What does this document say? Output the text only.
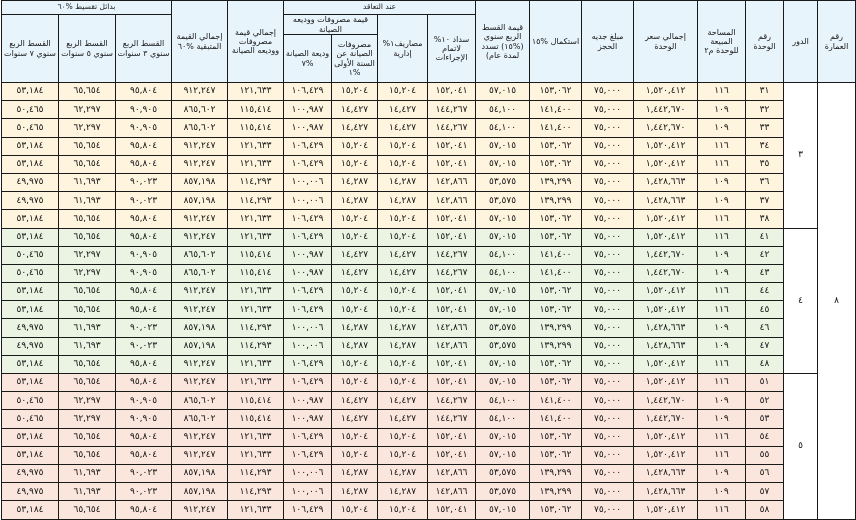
رقم العمارة	الدور	رقم الوحدة	المساحة المبيعة للوحدة م٢	إجمالي سعر الوحدة	مبلغ جديه الحجز	استكمال %١٥	قيمة القسط الربع سنوي (%١٥) تسدد لمدة عام)	عند التعاقد				إجمالي قيمة مصروفات ووديعه الصيانة	إجمالي القيمة المتبقية %٦٠	بدائل تقسيط %٦٠		
								سداد ١٠% لاتمام الإجراءات	مصاريف١% إدارية	قيمة مصروفات ووديعه الصيانة				القسط الربع سنوي ٣ سنوات	القسط الربع سنوي ٥ سنوات	القسط الربع سنوي ٧ سنوات
										مصروفات الصيانة عن السنة الأولى %١	وديعة الصيانة %٧					
٨	٣	٣١	١١٦	١,٥٢٠,٤١٢	٧٥,٠٠٠	١٥٣,٠٦٢	٥٧,٠١٥	١٥٢,٠٤١	١٥,٢٠٤	١٥,٢٠٤	١٠٦,٤٢٩	١٢١,٦٣٣	٩١٢,٢٤٧	٩٥,٨٠٤	٦٥,٦٥٤	٥٣,١٨٤
		٣٢	١٠٩	١,٤٤٢,٦٧٠	٧٥,٠٠٠	١٤١,٤٠٠	٥٤,١٠٠	١٤٤,٢٦٧	١٤,٤٢٧	١٤,٤٢٧	١٠٠,٩٨٧	١١٥,٤١٤	٨٦٥,٦٠٢	٩٠,٩٠٥	٦٢,٢٩٧	٥٠,٤٦٥
		٣٣	١٠٩	١,٤٤٢,٦٧٠	٧٥,٠٠٠	١٤١,٤٠٠	٥٤,١٠٠	١٤٤,٢٦٧	١٤,٤٢٧	١٤,٤٢٧	١٠٠,٩٨٧	١١٥,٤١٤	٨٦٥,٦٠٢	٩٠,٩٠٥	٦٢,٢٩٧	٥٠,٤٦٥
		٣٤	١١٦	١,٥٢٠,٤١٢	٧٥,٠٠٠	١٥٣,٠٦٢	٥٧,٠١٥	١٥٢,٠٤١	١٥,٢٠٤	١٥,٢٠٤	١٠٦,٤٢٩	١٢١,٦٣٣	٩١٢,٢٤٧	٩٥,٨٠٤	٦٥,٦٥٤	٥٣,١٨٤
		٣٥	١١٦	١,٥٢٠,٤١٢	٧٥,٠٠٠	١٥٣,٠٦٢	٥٧,٠١٥	١٥٢,٠٤١	١٥,٢٠٤	١٥,٢٠٤	١٠٦,٤٢٩	١٢١,٦٣٣	٩١٢,٢٤٧	٩٥,٨٠٤	٦٥,٦٥٤	٥٣,١٨٤
		٣٦	١٠٩	١,٤٢٨,٦٦٣	٧٥,٠٠٠	١٣٩,٢٩٩	٥٣,٥٧٥	١٤٢,٨٦٦	١٤,٢٨٧	١٤,٢٨٧	١٠٠,٠٠٦	١١٤,٢٩٣	٨٥٧,١٩٨	٩٠,٠٢٣	٦١,٦٩٣	٤٩,٩٧٥
		٣٧	١٠٩	١,٤٢٨,٦٦٣	٧٥,٠٠٠	١٣٩,٢٩٩	٥٣,٥٧٥	١٤٢,٨٦٦	١٤,٢٨٧	١٤,٢٨٧	١٠٠,٠٠٦	١١٤,٢٩٣	٨٥٧,١٩٨	٩٠,٠٢٣	٦١,٦٩٣	٤٩,٩٧٥
		٣٨	١١٦	١,٥٢٠,٤١٢	٧٥,٠٠٠	١٥٣,٠٦٢	٥٧,٠١٥	١٥٢,٠٤١	١٥,٢٠٤	١٥,٢٠٤	١٠٦,٤٢٩	١٢١,٦٣٣	٩١٢,٢٤٧	٩٥,٨٠٤	٦٥,٦٥٤	٥٣,١٨٤
	٤	٤١	١١٦	١,٥٢٠,٤١٢	٧٥,٠٠٠	١٥٣,٠٦٢	٥٧,٠١٥	١٥٢,٠٤١	١٥,٢٠٤	١٥,٢٠٤	١٠٦,٤٢٩	١٢١,٦٣٣	٩١٢,٢٤٧	٩٥,٨٠٤	٦٥,٦٥٤	٥٣,١٨٤
		٤٢	١٠٩	١,٤٤٢,٦٧٠	٧٥,٠٠٠	١٤١,٤٠٠	٥٤,١٠٠	١٤٤,٢٦٧	١٤,٤٢٧	١٤,٤٢٧	١٠٠,٩٨٧	١١٥,٤١٤	٨٦٥,٦٠٢	٩٠,٩٠٥	٦٢,٢٩٧	٥٠,٤٦٥
		٤٣	١٠٩	١,٤٤٢,٦٧٠	٧٥,٠٠٠	١٤١,٤٠٠	٥٤,١٠٠	١٤٤,٢٦٧	١٤,٤٢٧	١٤,٤٢٧	١٠٠,٩٨٧	١١٥,٤١٤	٨٦٥,٦٠٢	٩٠,٩٠٥	٦٢,٢٩٧	٥٠,٤٦٥
		٤٤	١١٦	١,٥٢٠,٤١٢	٧٥,٠٠٠	١٥٣,٠٦٢	٥٧,٠١٥	١٥٢,٠٤١	١٥,٢٠٤	١٥,٢٠٤	١٠٦,٤٢٩	١٢١,٦٣٣	٩١٢,٢٤٧	٩٥,٨٠٤	٦٥,٦٥٤	٥٣,١٨٤
		٤٥	١١٦	١,٥٢٠,٤١٢	٧٥,٠٠٠	١٥٣,٠٦٢	٥٧,٠١٥	١٥٢,٠٤١	١٥,٢٠٤	١٥,٢٠٤	١٠٦,٤٢٩	١٢١,٦٣٣	٩١٢,٢٤٧	٩٥,٨٠٤	٦٥,٦٥٤	٥٣,١٨٤
		٤٦	١٠٩	١,٤٢٨,٦٦٣	٧٥,٠٠٠	١٣٩,٢٩٩	٥٣,٥٧٥	١٤٢,٨٦٦	١٤,٢٨٧	١٤,٢٨٧	١٠٠,٠٠٦	١١٤,٢٩٣	٨٥٧,١٩٨	٩٠,٠٢٣	٦١,٦٩٣	٤٩,٩٧٥
		٤٧	١٠٩	١,٤٢٨,٦٦٣	٧٥,٠٠٠	١٣٩,٢٩٩	٥٣,٥٧٥	١٤٢,٨٦٦	١٤,٢٨٧	١٤,٢٨٧	١٠٠,٠٠٦	١١٤,٢٩٣	٨٥٧,١٩٨	٩٠,٠٢٣	٦١,٦٩٣	٤٩,٩٧٥
		٤٨	١١٦	١,٥٢٠,٤١٢	٧٥,٠٠٠	١٥٣,٠٦٢	٥٧,٠١٥	١٥٢,٠٤١	١٥,٢٠٤	١٥,٢٠٤	١٠٦,٤٢٩	١٢١,٦٣٣	٩١٢,٢٤٧	٩٥,٨٠٤	٦٥,٦٥٤	٥٣,١٨٤
	٥	٥١	١١٦	١,٥٢٠,٤١٢	٧٥,٠٠٠	١٥٣,٠٦٢	٥٧,٠١٥	١٥٢,٠٤١	١٥,٢٠٤	١٥,٢٠٤	١٠٦,٤٢٩	١٢١,٦٣٣	٩١٢,٢٤٧	٩٥,٨٠٤	٦٥,٦٥٤	٥٣,١٨٤
		٥٢	١٠٩	١,٤٤٢,٦٧٠	٧٥,٠٠٠	١٤١,٤٠٠	٥٤,١٠٠	١٤٤,٢٦٧	١٤,٤٢٧	١٤,٤٢٧	١٠٠,٩٨٧	١١٥,٤١٤	٨٦٥,٦٠٢	٩٠,٩٠٥	٦٢,٢٩٧	٥٠,٤٦٥
		٥٣	١٠٩	١,٤٤٢,٦٧٠	٧٥,٠٠٠	١٤١,٤٠٠	٥٤,١٠٠	١٤٤,٢٦٧	١٤,٤٢٧	١٤,٤٢٧	١٠٠,٩٨٧	١١٥,٤١٤	٨٦٥,٦٠٢	٩٠,٩٠٥	٦٢,٢٩٧	٥٠,٤٦٥
		٥٤	١١٦	١,٥٢٠,٤١٢	٧٥,٠٠٠	١٥٣,٠٦٢	٥٧,٠١٥	١٥٢,٠٤١	١٥,٢٠٤	١٥,٢٠٤	١٠٦,٤٢٩	١٢١,٦٣٣	٩١٢,٢٤٧	٩٥,٨٠٤	٦٥,٦٥٤	٥٣,١٨٤
		٥٥	١١٦	١,٥٢٠,٤١٢	٧٥,٠٠٠	١٥٣,٠٦٢	٥٧,٠١٥	١٥٢,٠٤١	١٥,٢٠٤	١٥,٢٠٤	١٠٦,٤٢٩	١٢١,٦٣٣	٩١٢,٢٤٧	٩٥,٨٠٤	٦٥,٦٥٤	٥٣,١٨٤
		٥٦	١٠٩	١,٤٢٨,٦٦٣	٧٥,٠٠٠	١٣٩,٢٩٩	٥٣,٥٧٥	١٤٢,٨٦٦	١٤,٢٨٧	١٤,٢٨٧	١٠٠,٠٠٦	١١٤,٢٩٣	٨٥٧,١٩٨	٩٠,٠٢٣	٦١,٦٩٣	٤٩,٩٧٥
		٥٧	١٠٩	١,٤٢٨,٦٦٣	٧٥,٠٠٠	١٣٩,٢٩٩	٥٣,٥٧٥	١٤٢,٨٦٦	١٤,٢٨٧	١٤,٢٨٧	١٠٠,٠٠٦	١١٤,٢٩٣	٨٥٧,١٩٨	٩٠,٠٢٣	٦١,٦٩٣	٤٩,٩٧٥
		٥٨	١١٦	١,٥٢٠,٤١٢	٧٥,٠٠٠	١٥٣,٠٦٢	٥٧,٠١٥	١٥٢,٠٤١	١٥,٢٠٤	١٥,٢٠٤	١٠٦,٤٢٩	١٢١,٦٣٣	٩١٢,٢٤٧	٩٥,٨٠٤	٦٥,٦٥٤	٥٣,١٨٤
